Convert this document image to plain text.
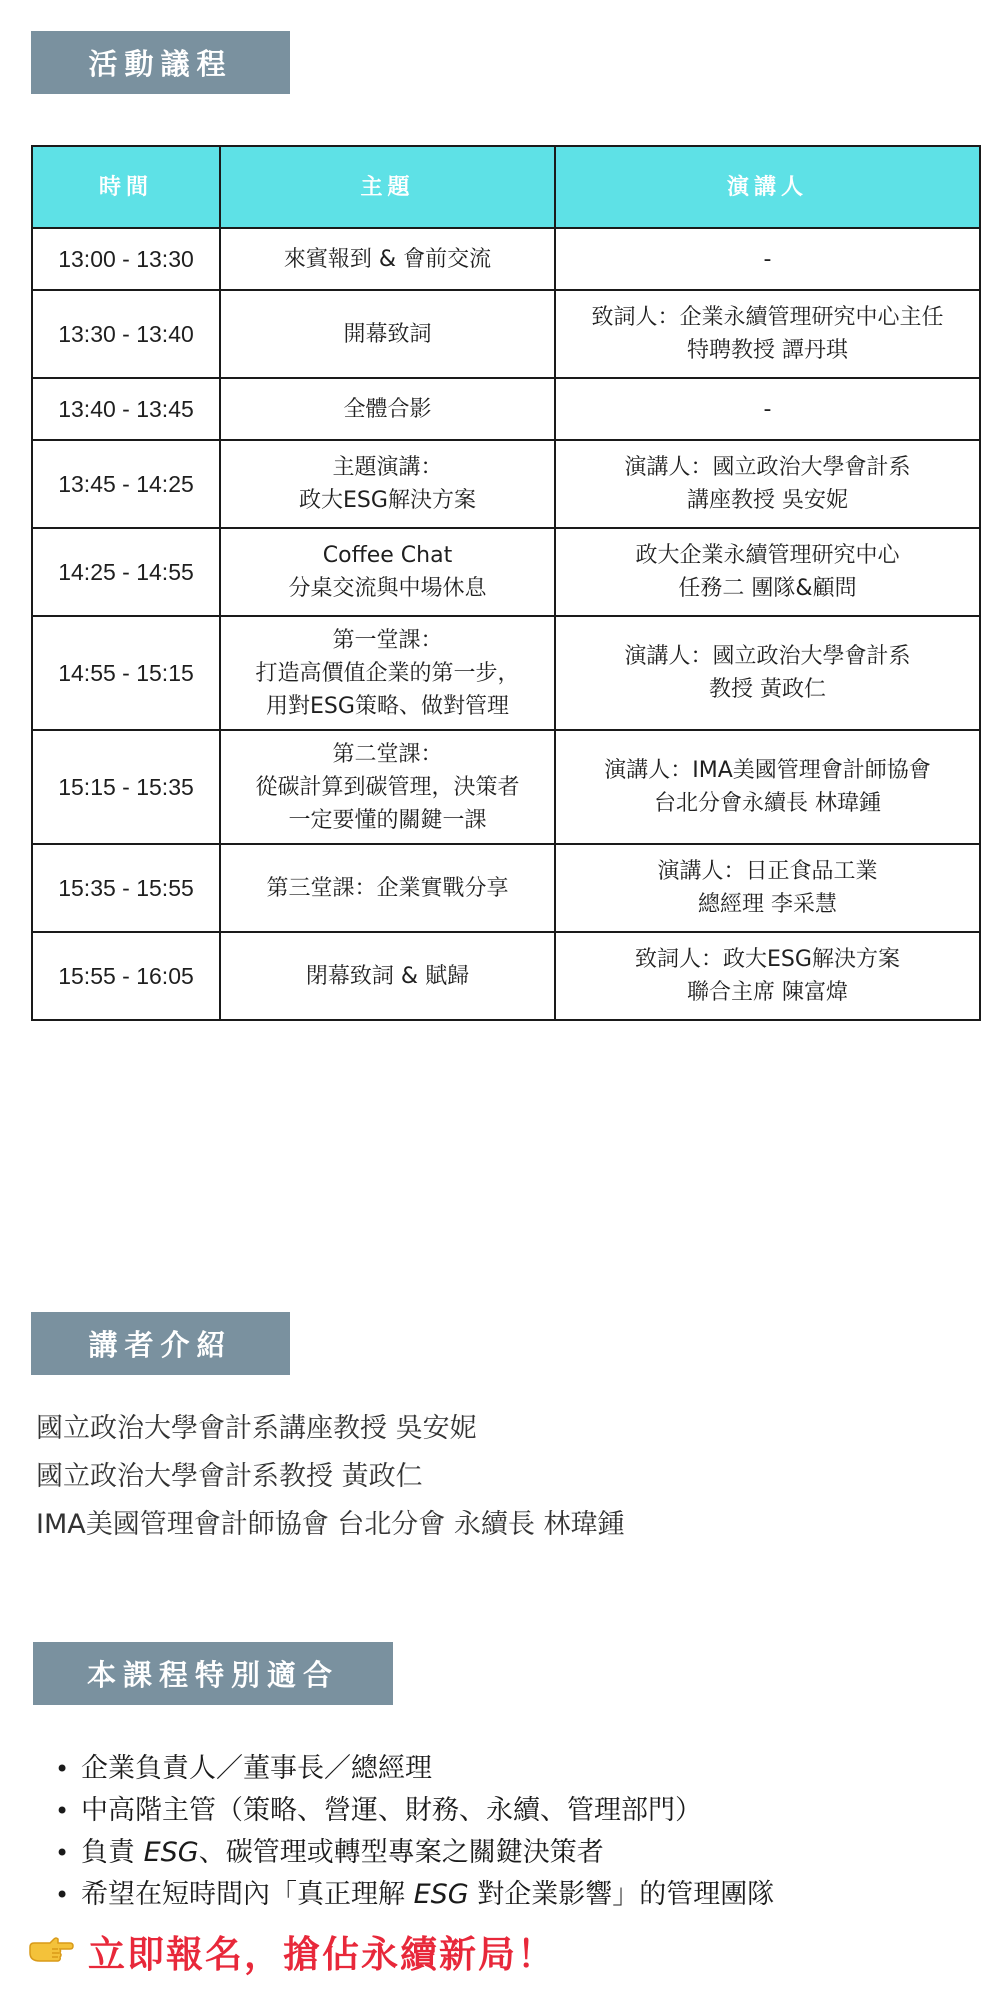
活動議程
時間	主題	演講人
13:00 - 13:30	來賓報到 & 會前交流	-

13:30 - 13:40	開幕致詞	致詞人：企業永續管理研究中心主任
特聘教授 譚丹琪

13:40 - 13:45	全體合影	-

13:45 - 14:25	主題演講：
政大ESG解決方案	演講人：國立政治大學會計系
講座教授 吳安妮

14:25 - 14:55	Coffee Chat
分桌交流與中場休息	政大企業永續管理研究中心
任務二 團隊&顧問

14:55 - 15:15	第一堂課：
打造高價值企業的第一步，
用對ESG策略、做對管理	演講人：國立政治大學會計系
教授 黃政仁

15:15 - 15:35	第二堂課：
從碳計算到碳管理，決策者
一定要懂的關鍵一課	演講人：IMA美國管理會計師協會
台北分會永續長 林瑋鍾

15:35 - 15:55	第三堂課：企業實戰分享	演講人：日正食品工業
總經理 李采慧

15:55 - 16:05	閉幕致詞 & 賦歸	致詞人：政大ESG解決方案
聯合主席 陳富煒
講者介紹
國立政治大學會計系講座教授 吳安妮
國立政治大學會計系教授 黃政仁
IMA美國管理會計師協會 台北分會 永續長 林瑋鍾
本課程特別適合
• 企業負責人／董事長／總經理
• 中高階主管（策略、營運、財務、永續、管理部門）
• 負責 ESG、碳管理或轉型專案之關鍵決策者
• 希望在短時間內「真正理解 ESG 對企業影響」的管理團隊
立即報名，搶佔永續新局！
